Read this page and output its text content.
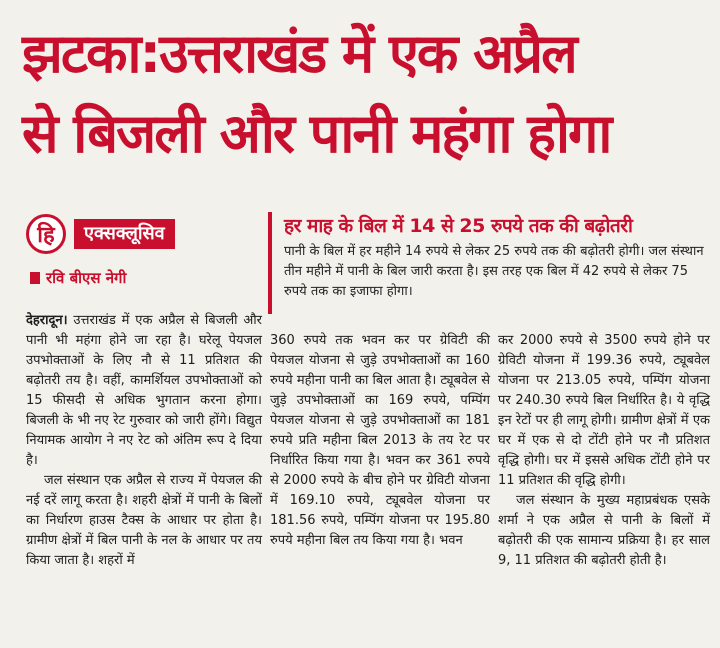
झटका:उत्तराखंड में एक अप्रैल
से बिजली और पानी महंगा होगा
हि	एक्सक्लूसिव
रवि बीएस नेगी
हर माह के बिल में 14 से 25 रुपये तक की बढ़ोतरी
पानी के बिल में हर महीने 14 रुपये से लेकर 25 रुपये तक की बढ़ोतरी होगी। जल संस्थान तीन महीने में पानी के बिल जारी करता है। इस तरह एक बिल में 42 रुपये से लेकर 75 रुपये तक का इजाफा होगा।

देहरादून। उत्तराखंड में एक अप्रैल से बिजली और पानी भी महंगा होने जा रहा है। घरेलू पेयजल उपभोक्ताओं के लिए नौ से 11 प्रतिशत की बढ़ोतरी तय है। वहीं, कामर्शियल उपभोक्ताओं को 15 फीसदी से अधिक भुगतान करना होगा। बिजली के भी नए रेट गुरुवार को जारी होंगे। विद्युत नियामक आयोग ने नए रेट को अंतिम रूप दे दिया है।

जल संस्थान एक अप्रैल से राज्य में पेयजल की नई दरें लागू करता है। शहरी क्षेत्रों में पानी के बिलों का निर्धारण हाउस टैक्स के आधार पर होता है। ग्रामीण क्षेत्रों में बिल पानी के नल के आधार पर तय किया जाता है। शहरों में

360 रुपये तक भवन कर पर ग्रेविटी की पेयजल योजना से जुड़े उपभोक्ताओं का 160 रुपये महीना पानी का बिल आता है। ट्यूबवेल से जुड़े उपभोक्ताओं का 169 रुपये, पम्पिंग पेयजल योजना से जुड़े उपभोक्ताओं का 181 रुपये प्रति महीना बिल 2013 के तय रेट पर निर्धारित किया गया है। भवन कर 361 रुपये से 2000 रुपये के बीच होने पर ग्रेविटी योजना में 169.10 रुपये, ट्यूबवेल योजना पर 181.56 रुपये, पम्पिंग योजना पर 195.80 रुपये महीना बिल तय किया गया है। भवन

कर 2000 रुपये से 3500 रुपये होने पर ग्रेविटी योजना में 199.36 रुपये, ट्यूबवेल योजना पर 213.05 रुपये, पम्पिंग योजना पर 240.30 रुपये बिल निर्धारित है। ये वृद्धि इन रेटों पर ही लागू होगी। ग्रामीण क्षेत्रों में एक घर में एक से दो टोंटी होने पर नौ प्रतिशत वृद्धि होगी। घर में इससे अधिक टोंटी होने पर 11 प्रतिशत की वृद्धि होगी।

जल संस्थान के मुख्य महाप्रबंधक एसके शर्मा ने एक अप्रैल से पानी के बिलों में बढ़ोतरी की एक सामान्य प्रक्रिया है। हर साल 9, 11 प्रतिशत की बढ़ोतरी होती है।
